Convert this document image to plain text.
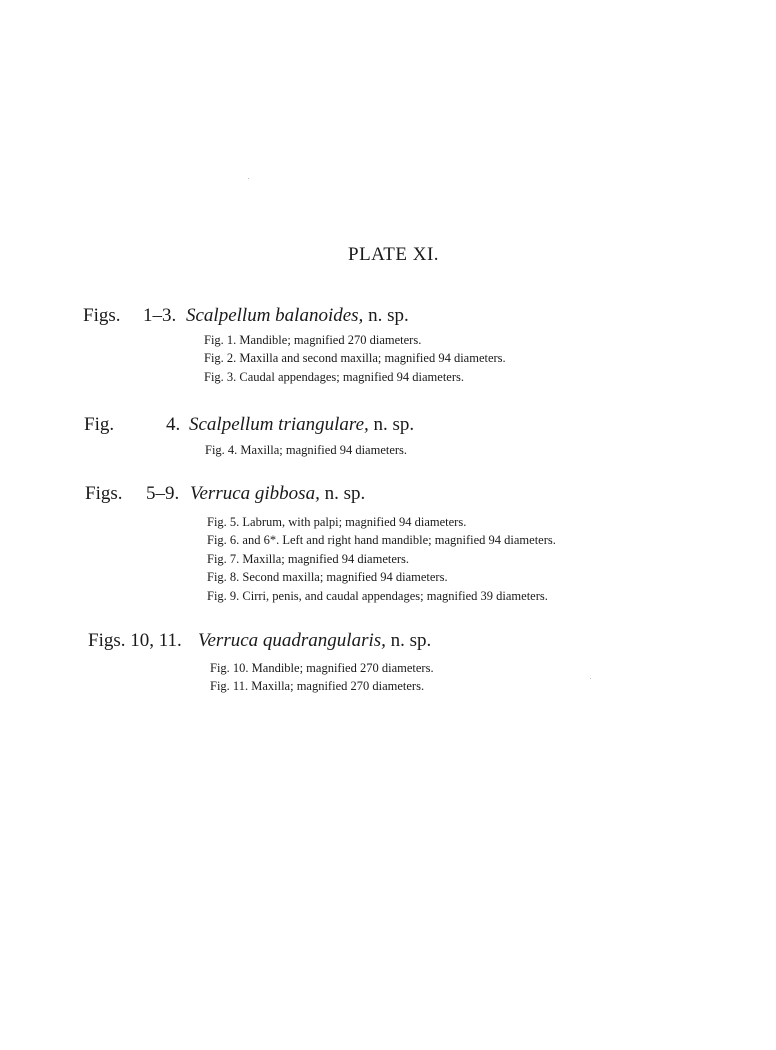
PLATE XI.
Figs. 1–3. Scalpellum balanoides, n. sp.
Fig. 1. Mandible; magnified 270 diameters.
Fig. 2. Maxilla and second maxilla; magnified 94 diameters.
Fig. 3. Caudal appendages; magnified 94 diameters.
Fig.	4. Scalpellum triangulare, n. sp.
Fig. 4. Maxilla; magnified 94 diameters.
Figs. 5–9. Verruca gibbosa, n. sp.
Fig. 5. Labrum, with palpi; magnified 94 diameters.
Fig. 6. and 6*. Left and right hand mandible; magnified 94 diameters.
Fig. 7. Maxilla; magnified 94 diameters.
Fig. 8. Second maxilla; magnified 94 diameters.
Fig. 9. Cirri, penis, and caudal appendages; magnified 39 diameters.
Figs. 10, 11. Verruca quadrangularis, n. sp.
Fig. 10. Mandible; magnified 270 diameters.
Fig. 11. Maxilla; magnified 270 diameters.
